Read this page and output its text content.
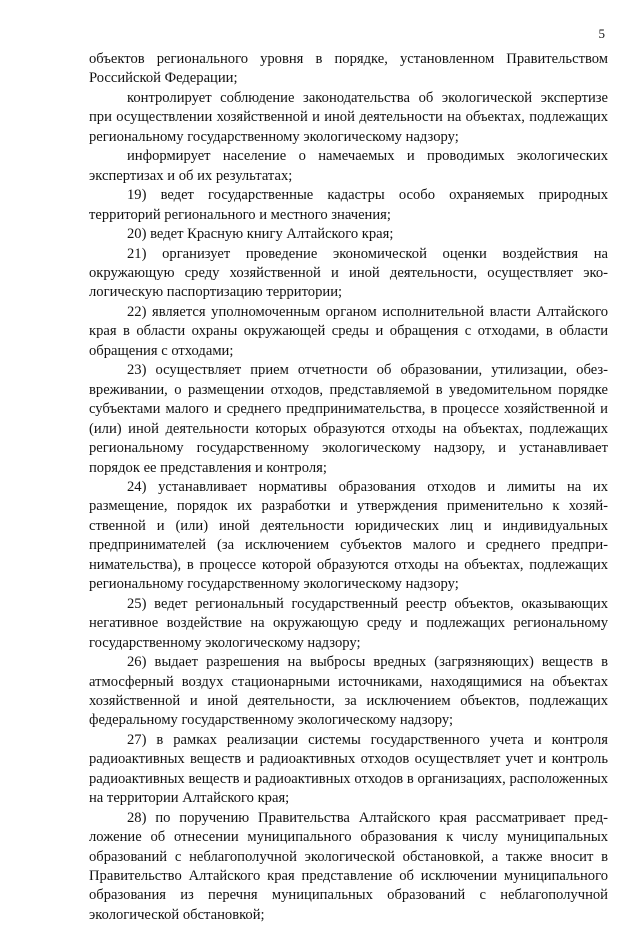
5

объектов регионального уровня в порядке, установленном Правительством Российской Федерации;

контролирует соблюдение законодательства об экологической экспертизе при осуществлении хозяйственной и иной деятельности на объектах, подлежащих региональному государственному экологическому надзору;

информирует население о намечаемых и проводимых экологических экспертизах и об их результатах;

19) ведет государственные кадастры особо охраняемых природных территорий регионального и местного значения;

20) ведет Красную книгу Алтайского края;

21) организует проведение экономической оценки воздействия на окружающую среду хозяйственной и иной деятельности, осуществляет экологическую паспортизацию территории;

22) является уполномоченным органом исполнительной власти Алтайского края в области охраны окружающей среды и обращения с отходами, в области обращения с отходами;

23) осуществляет прием отчетности об образовании, утилизации, обезвреживании, о размещении отходов, представляемой в уведомительном порядке субъектами малого и среднего предпринимательства, в процессе хозяйственной и (или) иной деятельности которых образуются отходы на объектах, подлежащих региональному государственному экологическому надзору, и устанавливает порядок ее представления и контроля;

24) устанавливает нормативы образования отходов и лимиты на их размещение, порядок их разработки и утверждения применительно к хозяйственной и (или) иной деятельности юридических лиц и индивидуальных предпринимателей (за исключением субъектов малого и среднего предпринимательства), в процессе которой образуются отходы на объектах, подлежащих региональному государственному экологическому надзору;

25) ведет региональный государственный реестр объектов, оказывающих негативное воздействие на окружающую среду и подлежащих региональному государственному экологическому надзору;

26) выдает разрешения на выбросы вредных (загрязняющих) веществ в атмосферный воздух стационарными источниками, находящимися на объектах хозяйственной и иной деятельности, за исключением объектов, подлежащих федеральному государственному экологическому надзору;

27) в рамках реализации системы государственного учета и контроля радиоактивных веществ и радиоактивных отходов осуществляет учет и контроль радиоактивных веществ и радиоактивных отходов в организациях, расположенных на территории Алтайского края;

28) по поручению Правительства Алтайского края рассматривает предложение об отнесении муниципального образования к числу муниципальных образований с неблагополучной экологической обстановкой, а также вносит в Правительство Алтайского края представление об исключении муниципального образования из перечня муниципальных образований с неблагополучной экологической обстановкой;
